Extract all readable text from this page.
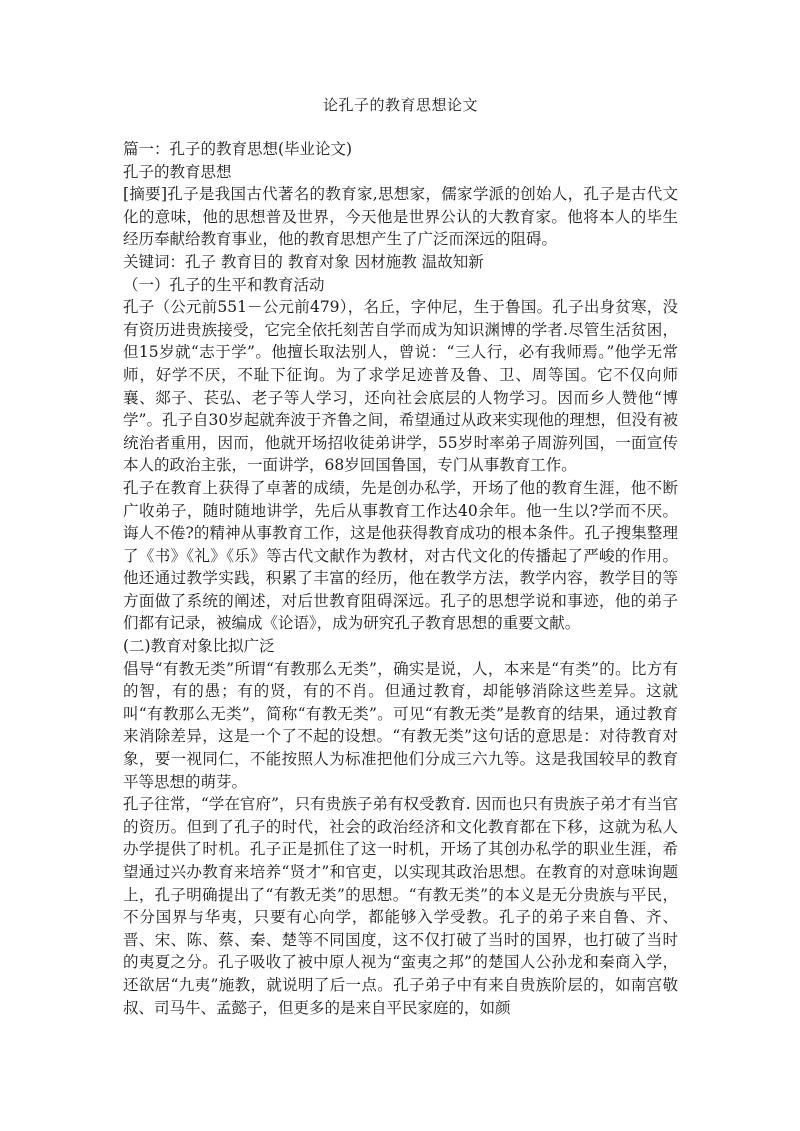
论孔子的教育思想论文

篇一：孔子的教育思想(毕业论文)

孔子的教育思想

[摘要]孔子是我国古代著名的教育家,思想家，儒家学派的创始人，孔子是古代文化的意味，他的思想普及世界，今天他是世界公认的大教育家。他将本人的毕生经历奉献给教育事业，他的教育思想产生了广泛而深远的阻碍。

关键词：孔子 教育目的 教育对象 因材施教 温故知新

（一）孔子的生平和教育活动

孔子（公元前551－公元前479），名丘，字仲尼，生于鲁国。孔子出身贫寒，没有资历进贵族接受，它完全依托刻苦自学而成为知识渊博的学者.尽管生活贫困，但15岁就“志于学”。他擅长取法别人，曾说：“三人行，必有我师焉。”他学无常师，好学不厌，不耻下征询。为了求学足迹普及鲁、卫、周等国。它不仅向师襄、郯子、苌弘、老子等人学习，还向社会底层的人物学习。因而乡人赞他“博学”。孔子自30岁起就奔波于齐鲁之间，希望通过从政来实现他的理想，但没有被统治者重用，因而，他就开场招收徒弟讲学，55岁时率弟子周游列国，一面宣传本人的政治主张，一面讲学，68岁回国鲁国，专门从事教育工作。

孔子在教育上获得了卓著的成绩，先是创办私学，开场了他的教育生涯，他不断广收弟子，随时随地讲学，先后从事教育工作达40余年。他一生以?学而不厌。诲人不倦?的精神从事教育工作，这是他获得教育成功的根本条件。孔子搜集整理了《书》《礼》《乐》等古代文献作为教材，对古代文化的传播起了严峻的作用。他还通过教学实践，积累了丰富的经历，他在教学方法，教学内容，教学目的等方面做了系统的阐述，对后世教育阻碍深远。孔子的思想学说和事迹，他的弟子们都有记录，被编成《论语》，成为研究孔子教育思想的重要文献。

(二)教育对象比拟广泛

倡导“有教无类”所谓“有教那么无类”，确实是说，人，本来是“有类”的。比方有的智，有的愚；有的贤，有的不肖。但通过教育，却能够消除这些差异。这就叫“有教那么无类”，简称“有教无类”。可见“有教无类”是教育的结果，通过教育来消除差异，这是一个了不起的设想。“有教无类”这句话的意思是：对待教育对象，要一视同仁，不能按照人为标准把他们分成三六九等。这是我国较早的教育平等思想的萌芽。

孔子往常，“学在官府”，只有贵族子弟有权受教育. 因而也只有贵族子弟才有当官的资历。但到了孔子的时代，社会的政治经济和文化教育都在下移，这就为私人办学提供了时机。孔子正是抓住了这一时机，开场了其创办私学的职业生涯，希望通过兴办教育来培养“贤才”和官吏，以实现其政治思想。在教育的对意味询题上，孔子明确提出了“有教无类”的思想。“有教无类”的本义是无分贵族与平民，不分国界与华夷，只要有心向学，都能够入学受教。孔子的弟子来自鲁、齐、晋、宋、陈、蔡、秦、楚等不同国度，这不仅打破了当时的国界，也打破了当时的夷夏之分。孔子吸收了被中原人视为“蛮夷之邦”的楚国人公孙龙和秦商入学，还欲居“九夷”施教，就说明了后一点。孔子弟子中有来自贵族阶层的，如南宫敬叔、司马牛、孟懿子，但更多的是来自平民家庭的，如颜
